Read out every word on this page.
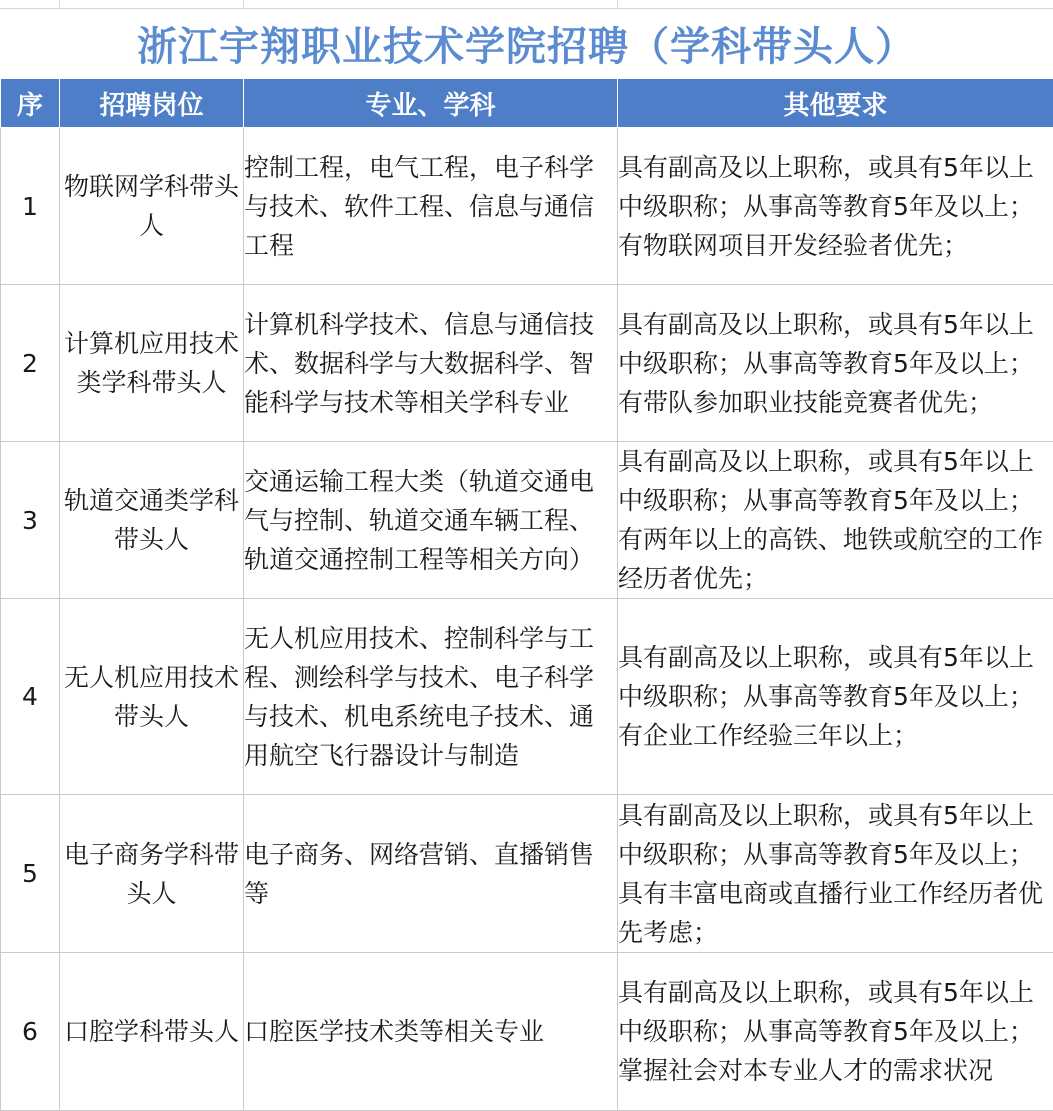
浙江宇翔职业技术学院招聘（学科带头人）
序	招聘岗位	专业、学科	其他要求
1	物联网学科带头人	控制工程，电气工程，电子科学与技术、软件工程、信息与通信工程	具有副高及以上职称，或具有5年以上中级职称；从事高等教育5年及以上；有物联网项目开发经验者优先；

2	计算机应用技术类学科带头人	计算机科学技术、信息与通信技术、数据科学与大数据科学、智能科学与技术等相关学科专业	具有副高及以上职称，或具有5年以上中级职称；从事高等教育5年及以上；有带队参加职业技能竞赛者优先；

3	轨道交通类学科带头人	交通运输工程大类（轨道交通电气与控制、轨道交通车辆工程、轨道交通控制工程等相关方向）	具有副高及以上职称，或具有5年以上中级职称；从事高等教育5年及以上；有两年以上的高铁、地铁或航空的工作经历者优先；

4	无人机应用技术带头人	无人机应用技术、控制科学与工程、测绘科学与技术、电子科学与技术、机电系统电子技术、通用航空飞行器设计与制造	具有副高及以上职称，或具有5年以上中级职称；从事高等教育5年及以上；有企业工作经验三年以上；

5	电子商务学科带头人	电子商务、网络营销、直播销售等	具有副高及以上职称，或具有5年以上中级职称；从事高等教育5年及以上；具有丰富电商或直播行业工作经历者优先考虑；

6	口腔学科带头人	口腔医学技术类等相关专业	具有副高及以上职称，或具有5年以上中级职称；从事高等教育5年及以上；掌握社会对本专业人才的需求状况
